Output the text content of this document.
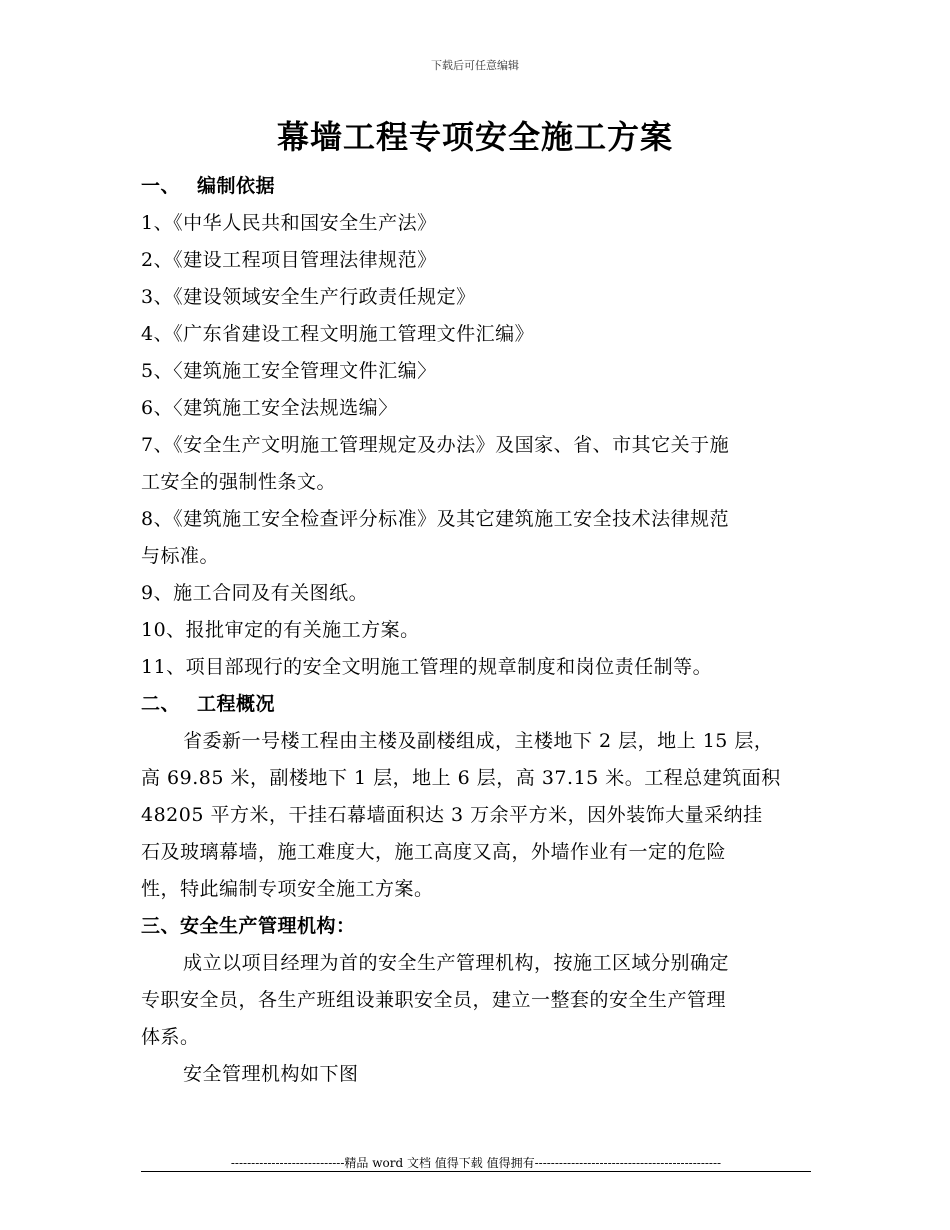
下载后可任意编辑
幕墙工程专项安全施工方案
一、 编制依据
1、《中华人民共和国安全生产法》
2、《建设工程项目管理法律规范》
3、《建设领域安全生产行政责任规定》
4、《广东省建设工程文明施工管理文件汇编》
5、〈建筑施工安全管理文件汇编〉
6、〈建筑施工安全法规选编〉
7、《安全生产文明施工管理规定及办法》及国家、省、市其它关于施
工安全的强制性条文。
8、《建筑施工安全检查评分标准》及其它建筑施工安全技术法律规范
与标准。
9、施工合同及有关图纸。
10、报批审定的有关施工方案。
11、项目部现行的安全文明施工管理的规章制度和岗位责任制等。
二、 工程概况
省委新一号楼工程由主楼及副楼组成，主楼地下 2 层，地上 15 层，
高 69.85 米，副楼地下 1 层，地上 6 层，高 37.15 米。工程总建筑面积
48205 平方米，干挂石幕墙面积达 3 万余平方米，因外装饰大量采纳挂
石及玻璃幕墙，施工难度大，施工高度又高，外墙作业有一定的危险
性，特此编制专项安全施工方案。
三、安全生产管理机构：
成立以项目经理为首的安全生产管理机构，按施工区域分别确定
专职安全员，各生产班组设兼职安全员，建立一整套的安全生产管理
体系。
安全管理机构如下图
----------------------------精品 word 文档 值得下载 值得拥有----------------------------------------------
